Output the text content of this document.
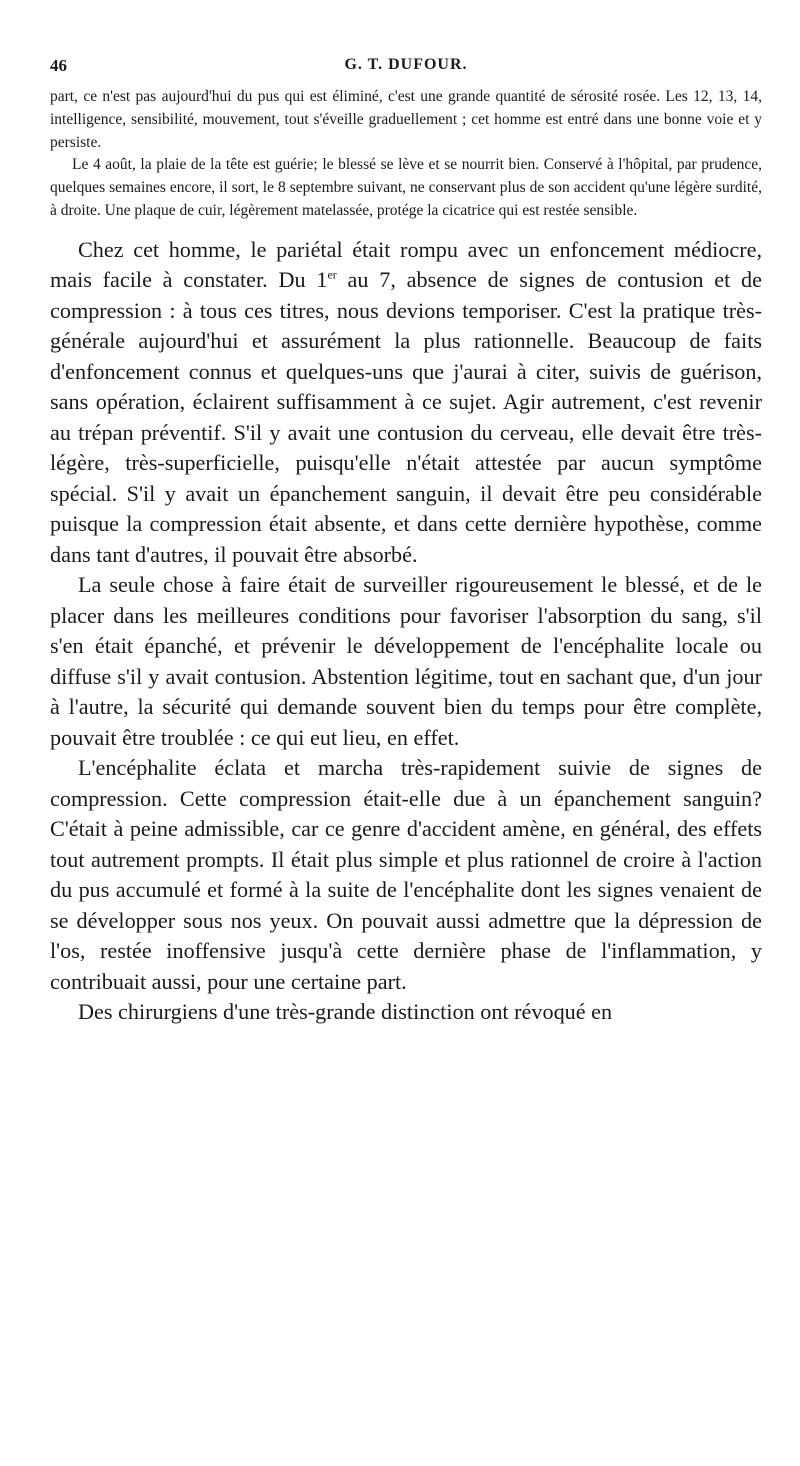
46	G. T. DUFOUR.

part, ce n'est pas aujourd'hui du pus qui est éliminé, c'est une grande quantité de sérosité rosée. Les 12, 13, 14, intelligence, sensibilité, mouvement, tout s'éveille graduellement ; cet homme est entré dans une bonne voie et y persiste.

Le 4 août, la plaie de la tête est guérie; le blessé se lève et se nourrit bien. Conservé à l'hôpital, par prudence, quelques semaines encore, il sort, le 8 septembre suivant, ne conservant plus de son accident qu'une légère surdité, à droite. Une plaque de cuir, légèrement matelassée, protége la cicatrice qui est restée sensible.

Chez cet homme, le pariétal était rompu avec un enfoncement médiocre, mais facile à constater. Du 1er au 7, absence de signes de contusion et de compression : à tous ces titres, nous devions temporiser. C'est la pratique très-générale aujourd'hui et assurément la plus rationnelle. Beaucoup de faits d'enfoncement connus et quelques-uns que j'aurai à citer, suivis de guérison, sans opération, éclairent suffisamment à ce sujet. Agir autrement, c'est revenir au trépan préventif. S'il y avait une contusion du cerveau, elle devait être très-légère, très-superficielle, puisqu'elle n'était attestée par aucun symptôme spécial. S'il y avait un épanchement sanguin, il devait être peu considérable puisque la compression était absente, et dans cette dernière hypothèse, comme dans tant d'autres, il pouvait être absorbé.

La seule chose à faire était de surveiller rigoureusement le blessé, et de le placer dans les meilleures conditions pour favoriser l'absorption du sang, s'il s'en était épanché, et prévenir le développement de l'encéphalite locale ou diffuse s'il y avait contusion. Abstention légitime, tout en sachant que, d'un jour à l'autre, la sécurité qui demande souvent bien du temps pour être complète, pouvait être troublée : ce qui eut lieu, en effet.

L'encéphalite éclata et marcha très-rapidement suivie de signes de compression. Cette compression était-elle due à un épanchement sanguin? C'était à peine admissible, car ce genre d'accident amène, en général, des effets tout autrement prompts. Il était plus simple et plus rationnel de croire à l'action du pus accumulé et formé à la suite de l'encéphalite dont les signes venaient de se développer sous nos yeux. On pouvait aussi admettre que la dépression de l'os, restée inoffensive jusqu'à cette dernière phase de l'inflammation, y contribuait aussi, pour une certaine part.

Des chirurgiens d'une très-grande distinction ont révoqué en
